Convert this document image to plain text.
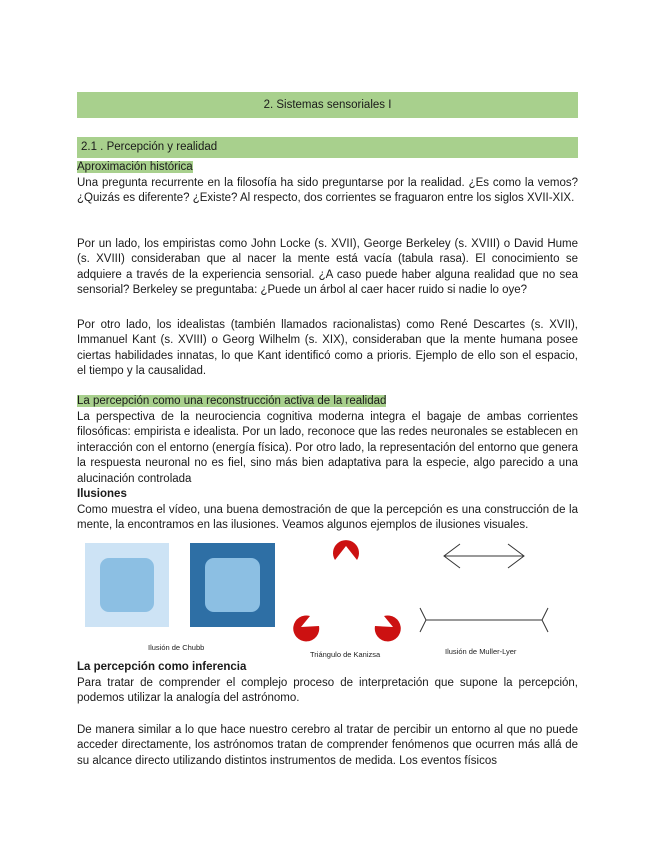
2. Sistemas sensoriales I
2.1 . Percepción y realidad
Aproximación histórica

Una pregunta recurrente en la filosofía ha sido preguntarse por la realidad. ¿Es como la vemos? ¿Quizás es diferente? ¿Existe? Al respecto, dos corrientes se fraguaron entre los siglos XVII-XIX.

Por un lado, los empiristas como John Locke (s. XVII), George Berkeley (s. XVIII) o David Hume (s. XVIII) consideraban que al nacer la mente está vacía (tabula rasa). El conocimiento se adquiere a través de la experiencia sensorial. ¿A caso puede haber alguna realidad que no sea sensorial? Berkeley se preguntaba: ¿Puede un árbol al caer hacer ruido si nadie lo oye?

Por otro lado, los idealistas (también llamados racionalistas) como René Descartes (s. XVII), Immanuel Kant (s. XVIII) o Georg Wilhelm (s. XIX), consideraban que la mente humana posee ciertas habilidades innatas, lo que Kant identificó como a prioris. Ejemplo de ello son el espacio, el tiempo y la causalidad.

La percepción como una reconstrucción activa de la realidad

La perspectiva de la neurociencia cognitiva moderna integra el bagaje de ambas corrientes filosóficas: empirista e idealista. Por un lado, reconoce que las redes neuronales se establecen en interacción con el entorno (energía física). Por otro lado, la representación del entorno que genera la respuesta neuronal no es fiel, sino más bien adaptativa para la especie, algo parecido a una alucinación controlada

Ilusiones

Como muestra el vídeo, una buena demostración de que la percepción es una construcción de la mente, la encontramos en las ilusiones. Veamos algunos ejemplos de ilusiones visuales.

Ilusión de Chubb
Triángulo de Kanizsa	Ilusión de Muller-Lyer
La percepción como inferencia

Para tratar de comprender el complejo proceso de interpretación que supone la percepción, podemos utilizar la analogía del astrónomo.

De manera similar a lo que hace nuestro cerebro al tratar de percibir un entorno al que no puede acceder directamente, los astrónomos tratan de comprender fenómenos que ocurren más allá de su alcance directo utilizando distintos instrumentos de medida. Los eventos físicos
